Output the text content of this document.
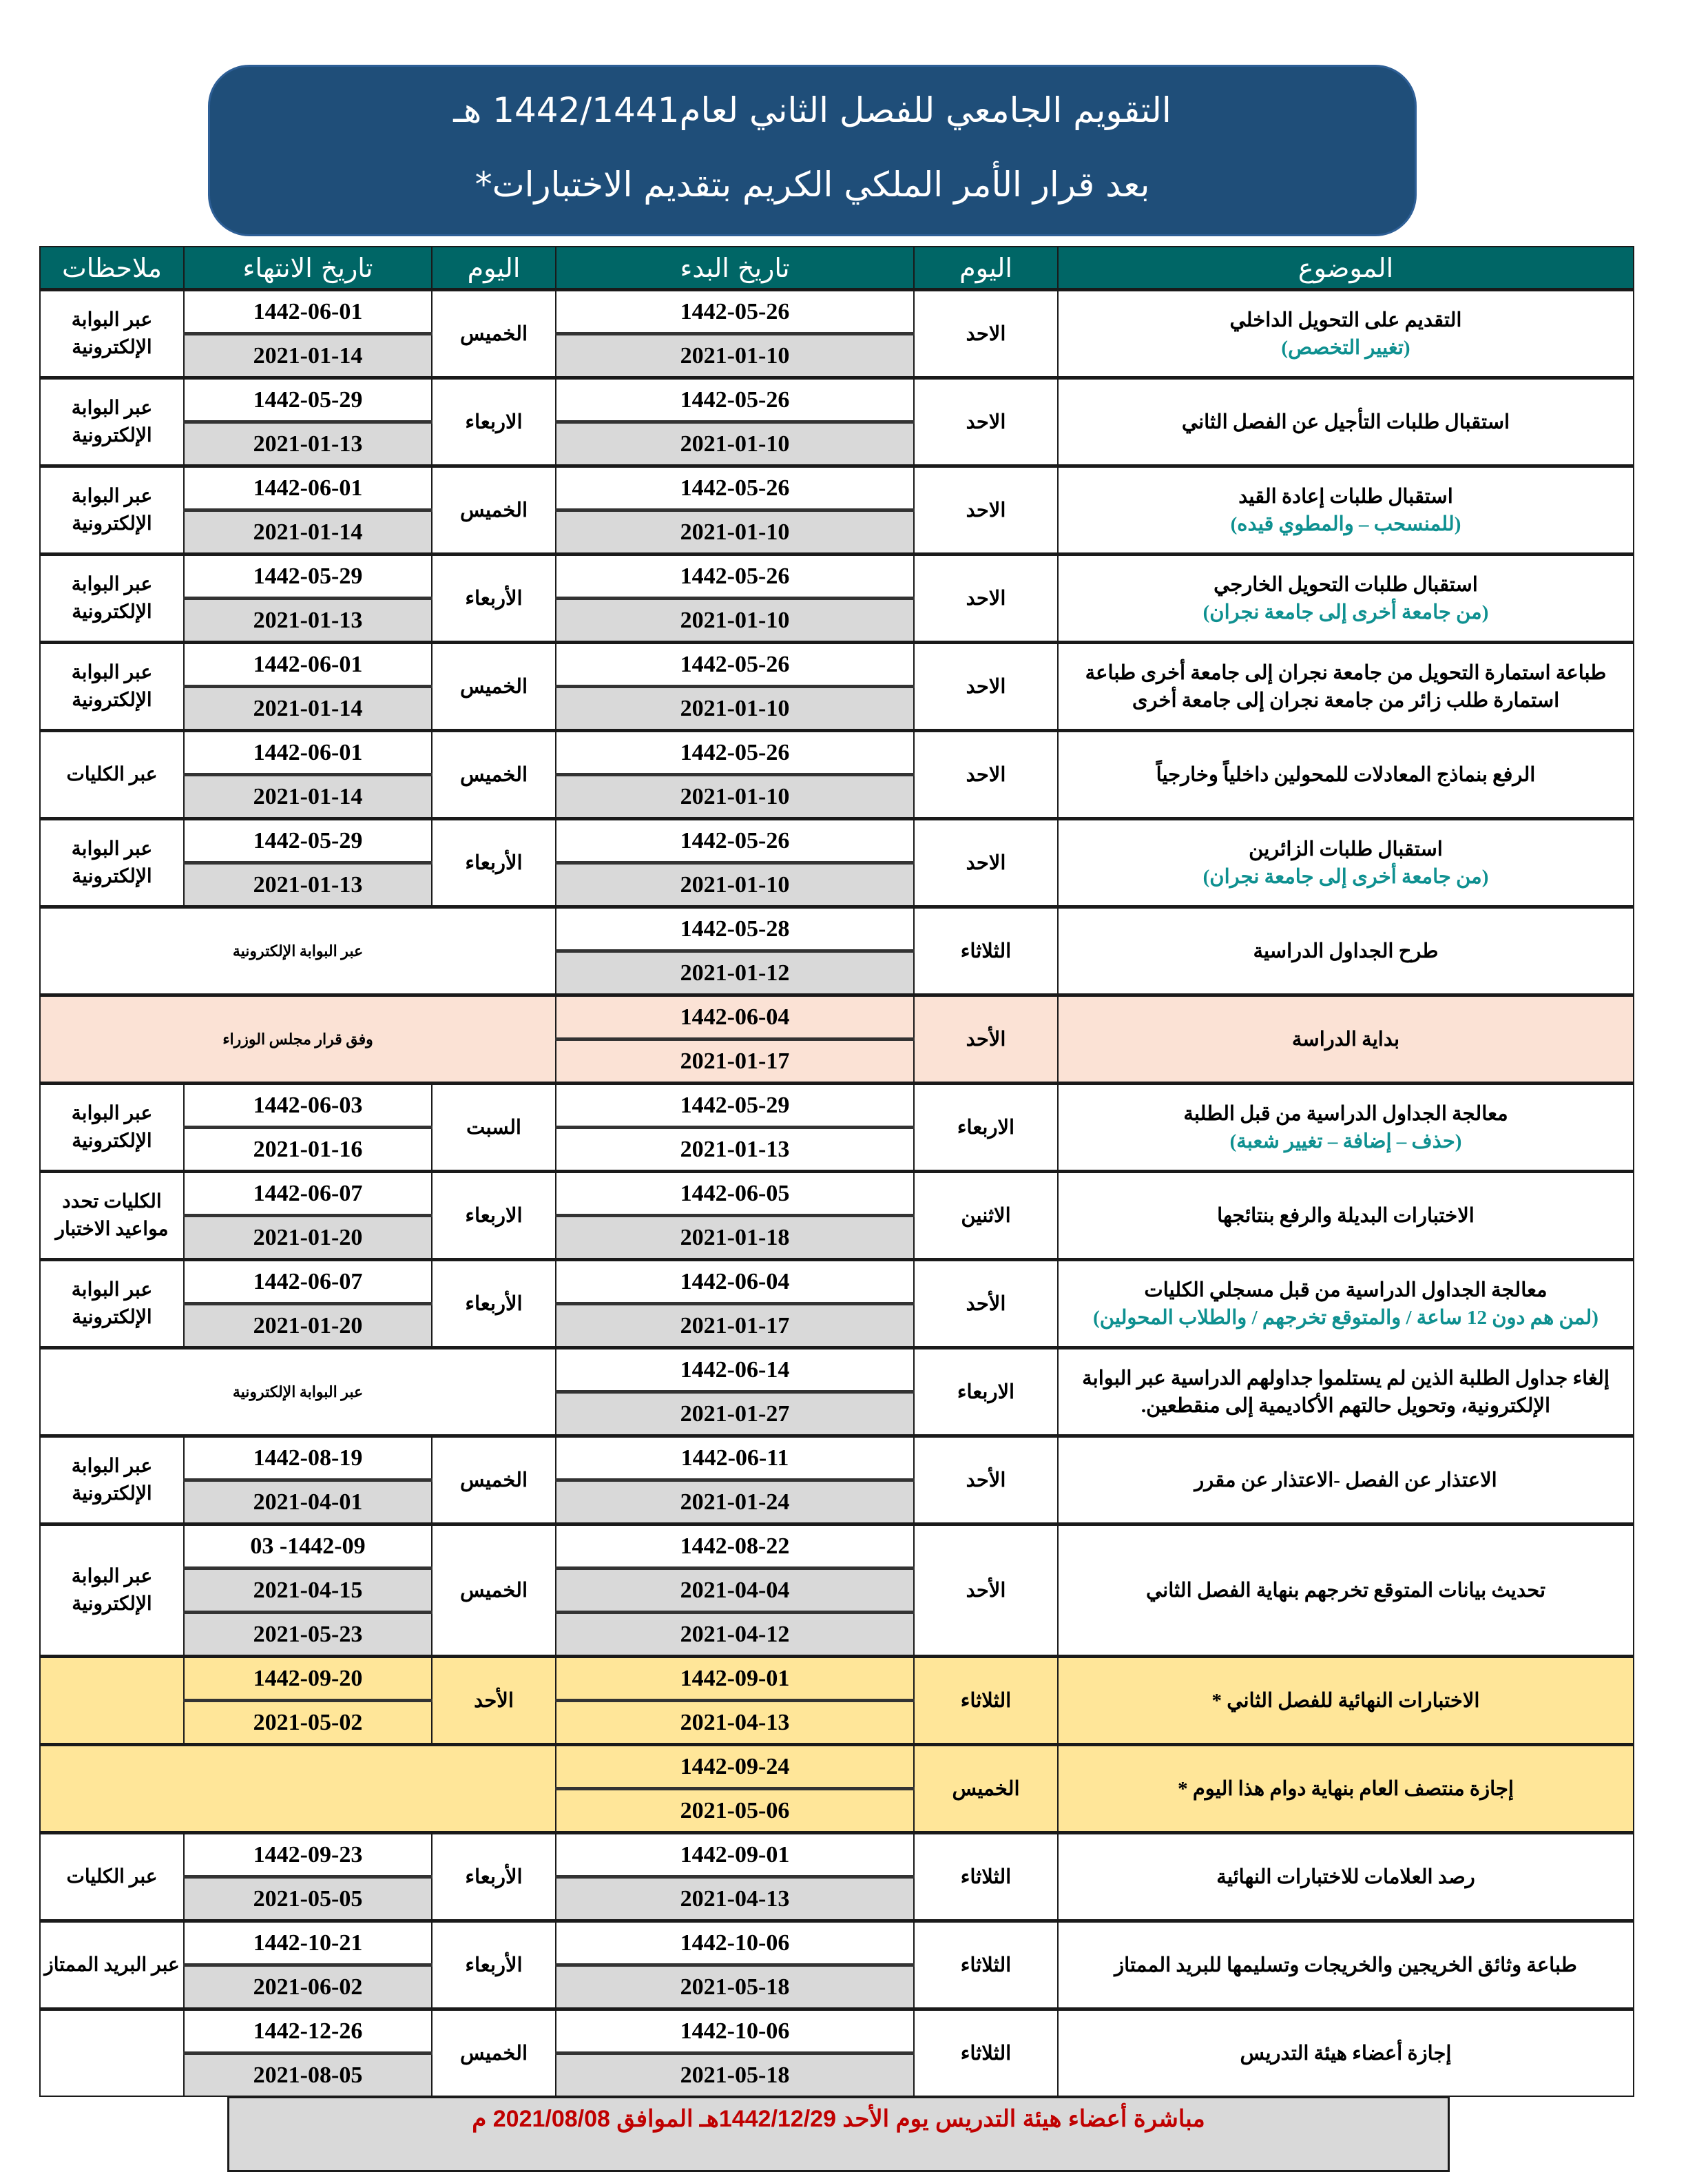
التقويم الجامعي للفصل الثاني لعام1442/1441 هـ
بعد قرار الأمر الملكي الكريم بتقديم الاختبارات*
الموضوع	اليوم	تاريخ البدء	اليوم	تاريخ الانتهاء	ملاحظات

التقديم على التحويل الداخلي
(تغيير التخصص)	الاحد	1442-05-26	الخميس	1442-06-01	عبر البوابة الإلكترونية
		2021-01-10		2021-01-14	

استقبال طلبات التأجيل عن الفصل الثاني	الاحد	1442-05-26	الاربعاء	1442-05-29	عبر البوابة الإلكترونية
		2021-01-10		2021-01-13	

استقبال طلبات إعادة القيد
(للمنسحب – والمطوي قيده)	الاحد	1442-05-26	الخميس	1442-06-01	عبر البوابة الإلكترونية
		2021-01-10		2021-01-14	

استقبال طلبات التحويل الخارجي
(من جامعة أخرى إلى جامعة نجران)	الاحد	1442-05-26	الأربعاء	1442-05-29	عبر البوابة الإلكترونية
		2021-01-10		2021-01-13	

طباعة استمارة التحويل من جامعة نجران إلى جامعة أخرى طباعة استمارة طلب زائر من جامعة نجران إلى جامعة أخرى	الاحد	1442-05-26	الخميس	1442-06-01	عبر البوابة الإلكترونية
		2021-01-10		2021-01-14	

الرفع بنماذج المعادلات للمحولين داخلياً وخارجياً	الاحد	1442-05-26	الخميس	1442-06-01	عبر الكليات
		2021-01-10		2021-01-14	

استقبال طلبات الزائرين
(من جامعة أخرى إلى جامعة نجران)	الاحد	1442-05-26	الأربعاء	1442-05-29	عبر البوابة الإلكترونية
		2021-01-10		2021-01-13	

طرح الجداول الدراسية	الثلاثاء	1442-05-28	عبر البوابة الإلكترونية		
		2021-01-12			

بداية الدراسة	الأحد	1442-06-04	وفق قرار مجلس الوزراء		
		2021-01-17			

معالجة الجداول الدراسية من قبل الطلبة
(حذف – إضافة – تغيير شعبة)	الاربعاء	1442-05-29	السبت	1442-06-03	عبر البوابة الإلكترونية
		2021-01-13		2021-01-16	

الاختبارات البديلة والرفع بنتائجها	الاثنين	1442-06-05	الاربعاء	1442-06-07	الكليات تحدد مواعيد الاختبار
		2021-01-18		2021-01-20	

معالجة الجداول الدراسية من قبل مسجلي الكليات
(لمن هم دون 12 ساعة / والمتوقع تخرجهم / والطلاب المحولين)	الأحد	1442-06-04	الأربعاء	1442-06-07	عبر البوابة الإلكترونية
		2021-01-17		2021-01-20	

إلغاء جداول الطلبة الذين لم يستلموا جداولهم الدراسية عبر البوابة الإلكترونية، وتحويل حالتهم الأكاديمية إلى منقطعين.	الاربعاء	1442-06-14	عبر البوابة الإلكترونية		
		2021-01-27			

الاعتذار عن الفصل -الاعتذار عن مقرر	الأحد	1442-06-11	الخميس	1442-08-19	عبر البوابة الإلكترونية
		2021-01-24		2021-04-01	

تحديث بيانات المتوقع تخرجهم بنهاية الفصل الثاني	الأحد	1442-08-22	الخميس	1442-09- 03	عبر البوابة الإلكترونية
		2021-04-04		2021-04-15	
		2021-04-12		2021-05-23	

الاختبارات النهائية للفصل الثاني *	الثلاثاء	1442-09-01	الأحد	1442-09-20	
		2021-04-13		2021-05-02	

إجازة منتصف العام بنهاية دوام هذا اليوم *	الخميس	1442-09-24			
		2021-05-06			

رصد العلامات للاختبارات النهائية	الثلاثاء	1442-09-01	الأربعاء	1442-09-23	عبر الكليات
		2021-04-13		2021-05-05	

طباعة وثائق الخريجين والخريجات وتسليمها للبريد الممتاز	الثلاثاء	1442-10-06	الأربعاء	1442-10-21	عبر البريد الممتاز
		2021-05-18		2021-06-02	

إجازة أعضاء هيئة التدريس	الثلاثاء	1442-10-06	الخميس	1442-12-26	
		2021-05-18		2021-08-05	
مباشرة أعضاء هيئة التدريس يوم الأحد 1442/12/29هـ الموافق 2021/08/08 م
